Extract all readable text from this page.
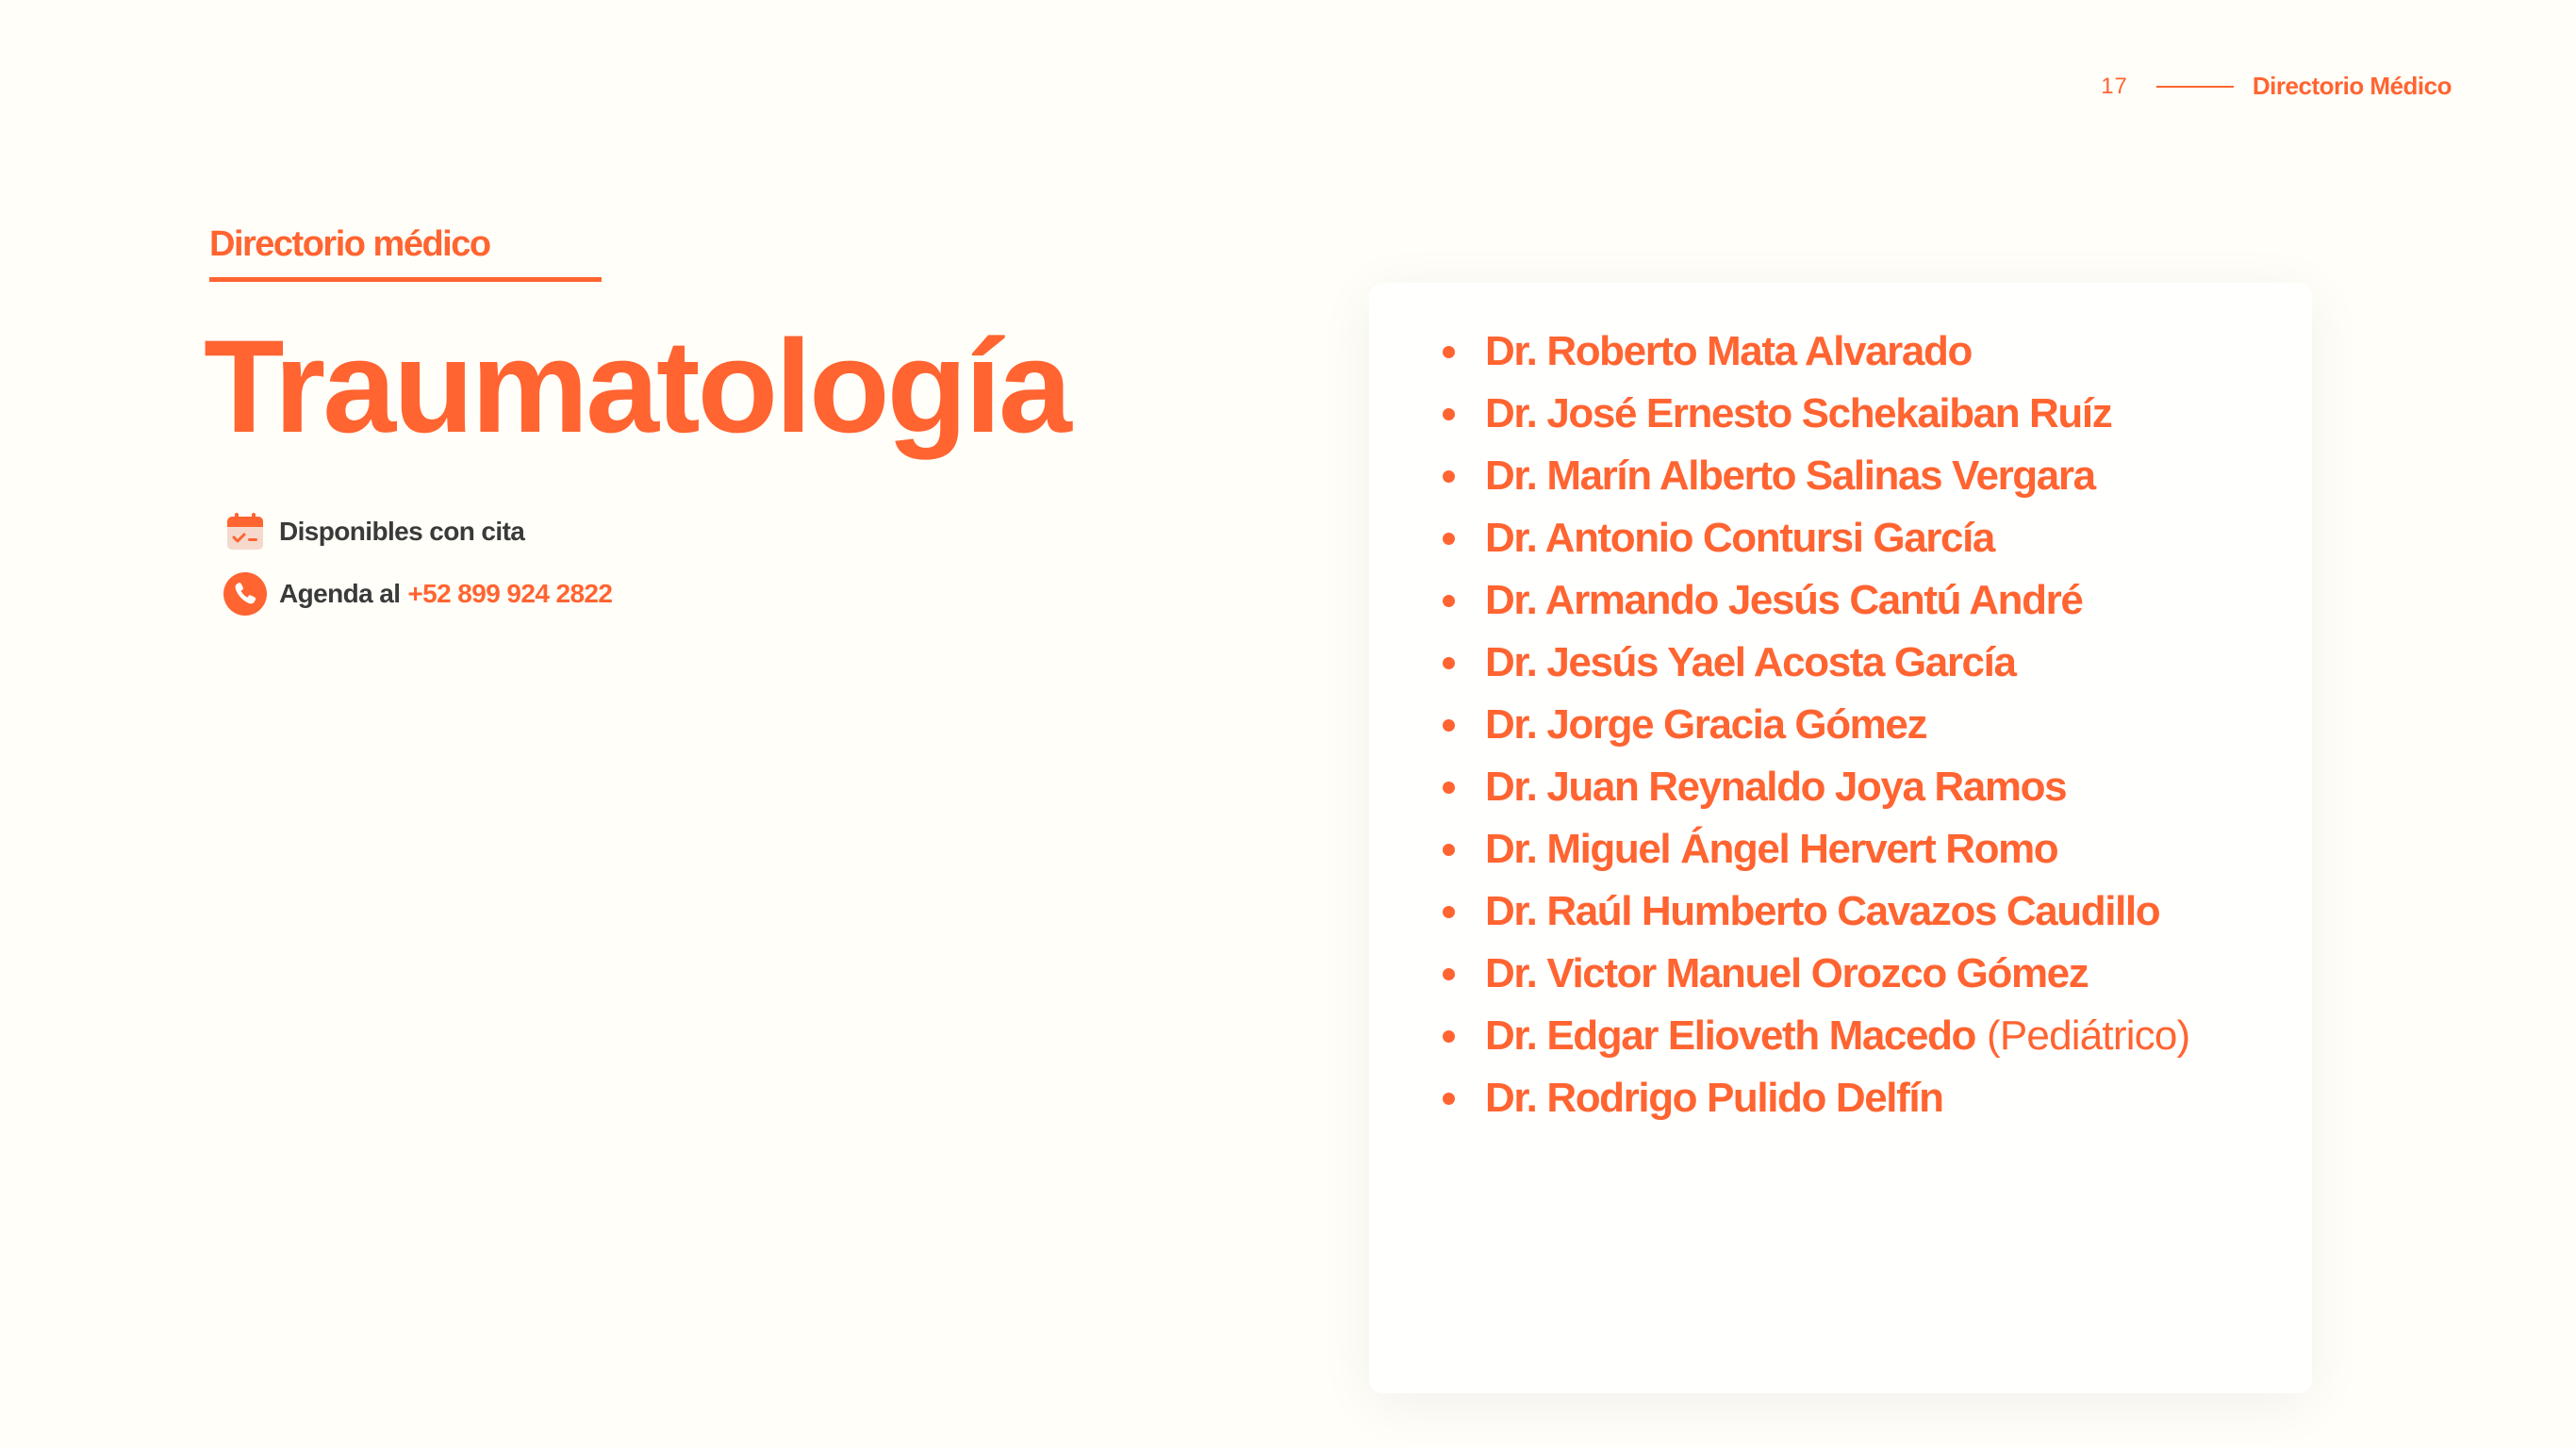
17	Directorio Médico
Directorio médico
Traumatología
Disponibles con cita
Agenda al +52 899 924 2822
Dr. Roberto Mata Alvarado
Dr. José Ernesto Schekaiban Ruíz
Dr. Marín Alberto Salinas Vergara
Dr. Antonio Contursi García
Dr. Armando Jesús Cantú André
Dr. Jesús Yael Acosta García
Dr. Jorge Gracia Gómez
Dr. Juan Reynaldo Joya Ramos
Dr. Miguel Ángel Hervert Romo
Dr. Raúl Humberto Cavazos Caudillo
Dr. Victor Manuel Orozco Gómez
Dr. Edgar Elioveth Macedo (Pediátrico)
Dr. Rodrigo Pulido Delfín
